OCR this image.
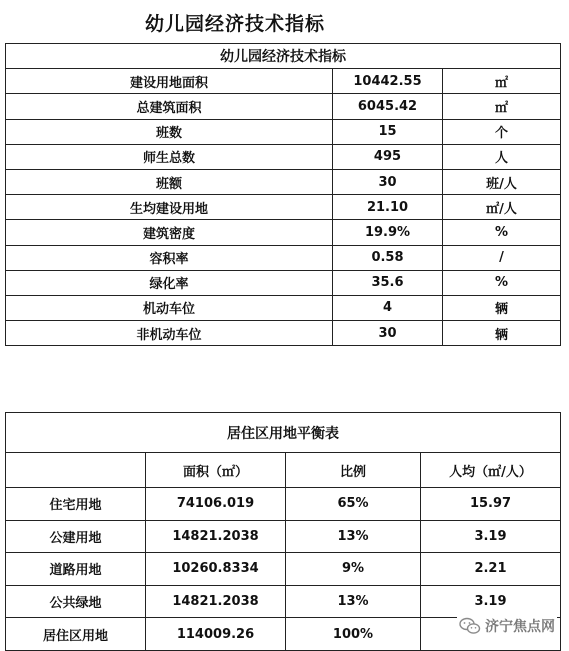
幼儿园经济技术指标
幼儿园经济技术指标		
建设用地面积	10442.55	㎡
总建筑面积	6045.42	㎡
班数	15	个
师生总数	495	人
班额	30	班/人
生均建设用地	21.10	㎡/人
建筑密度	19.9%	%
容积率	0.58	/
绿化率	35.6	%
机动车位	4	辆
非机动车位	30	辆
居住区用地平衡表			
	面积（㎡）	比例	人均（㎡/人）
住宅用地	74106.019	65%	15.97
公建用地	14821.2038	13%	3.19
道路用地	10260.8334	9%	2.21
公共绿地	14821.2038	13%	3.19
居住区用地	114009.26	100%		济宁焦点网
